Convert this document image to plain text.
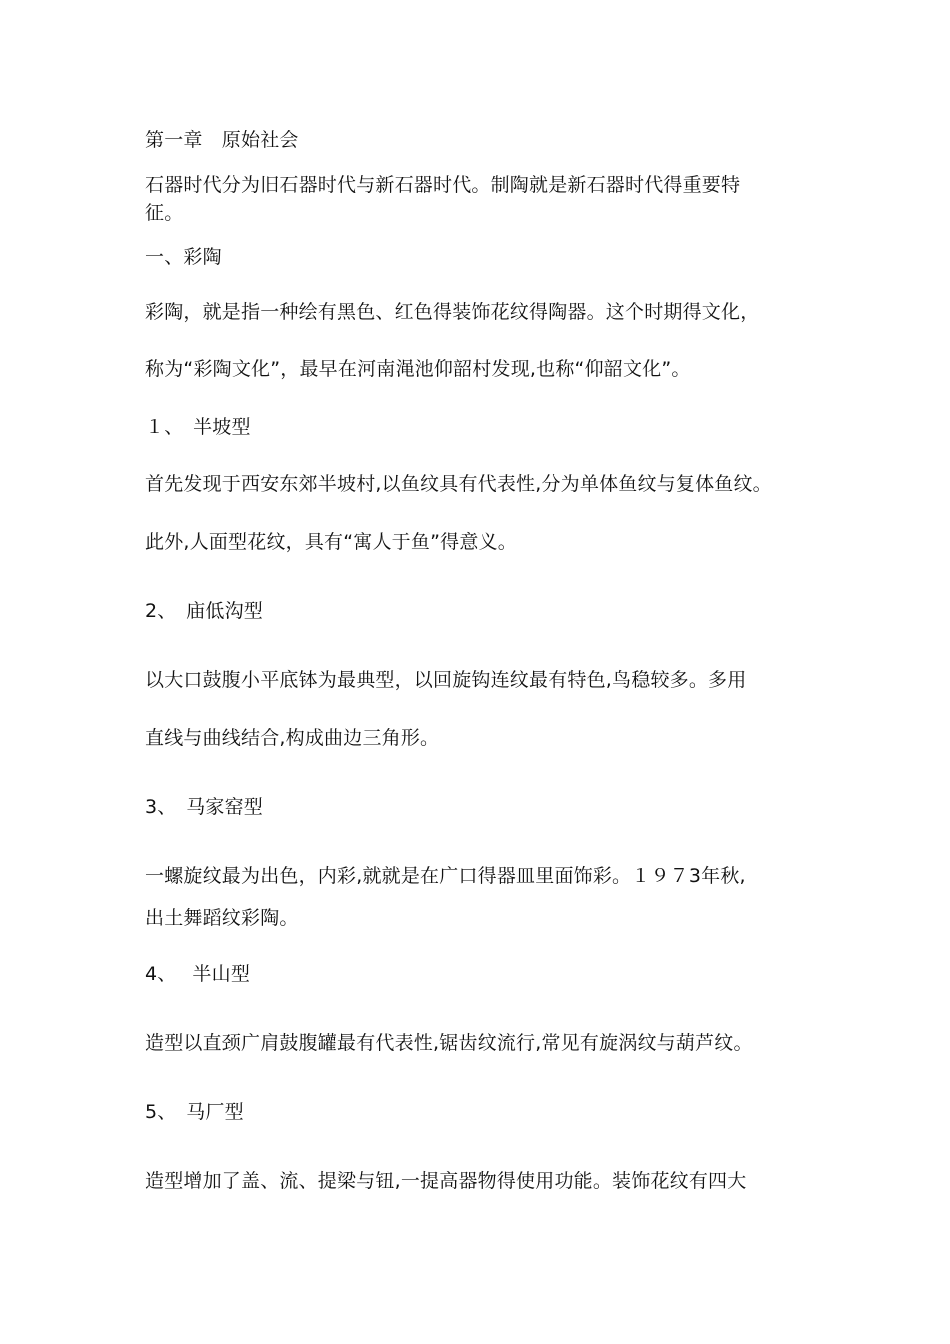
第一章　原始社会

石器时代分为旧石器时代与新石器时代。制陶就是新石器时代得重要特

征。

一、彩陶

彩陶，就是指一种绘有黑色、红色得装饰花纹得陶器。这个时期得文化，

称为“彩陶文化”，最早在河南渑池仰韶村发现,也称“仰韶文化”。

１、　半坡型

首先发现于西安东郊半坡村,以鱼纹具有代表性,分为单体鱼纹与复体鱼纹。

此外,人面型花纹，具有“寓人于鱼”得意义。

2、　庙低沟型

以大口鼓腹小平底钵为最典型，以回旋钩连纹最有特色,鸟稳较多。多用

直线与曲线结合,构成曲边三角形。

3、　马家窑型

一螺旋纹最为出色，内彩,就就是在广口得器皿里面饰彩。１９７3年秋,

出土舞蹈纹彩陶。

4、　 半山型

造型以直颈广肩鼓腹罐最有代表性,锯齿纹流行,常见有旋涡纹与葫芦纹。

5、　马厂型

造型增加了盖、流、提梁与钮,一提高器物得使用功能。装饰花纹有四大
